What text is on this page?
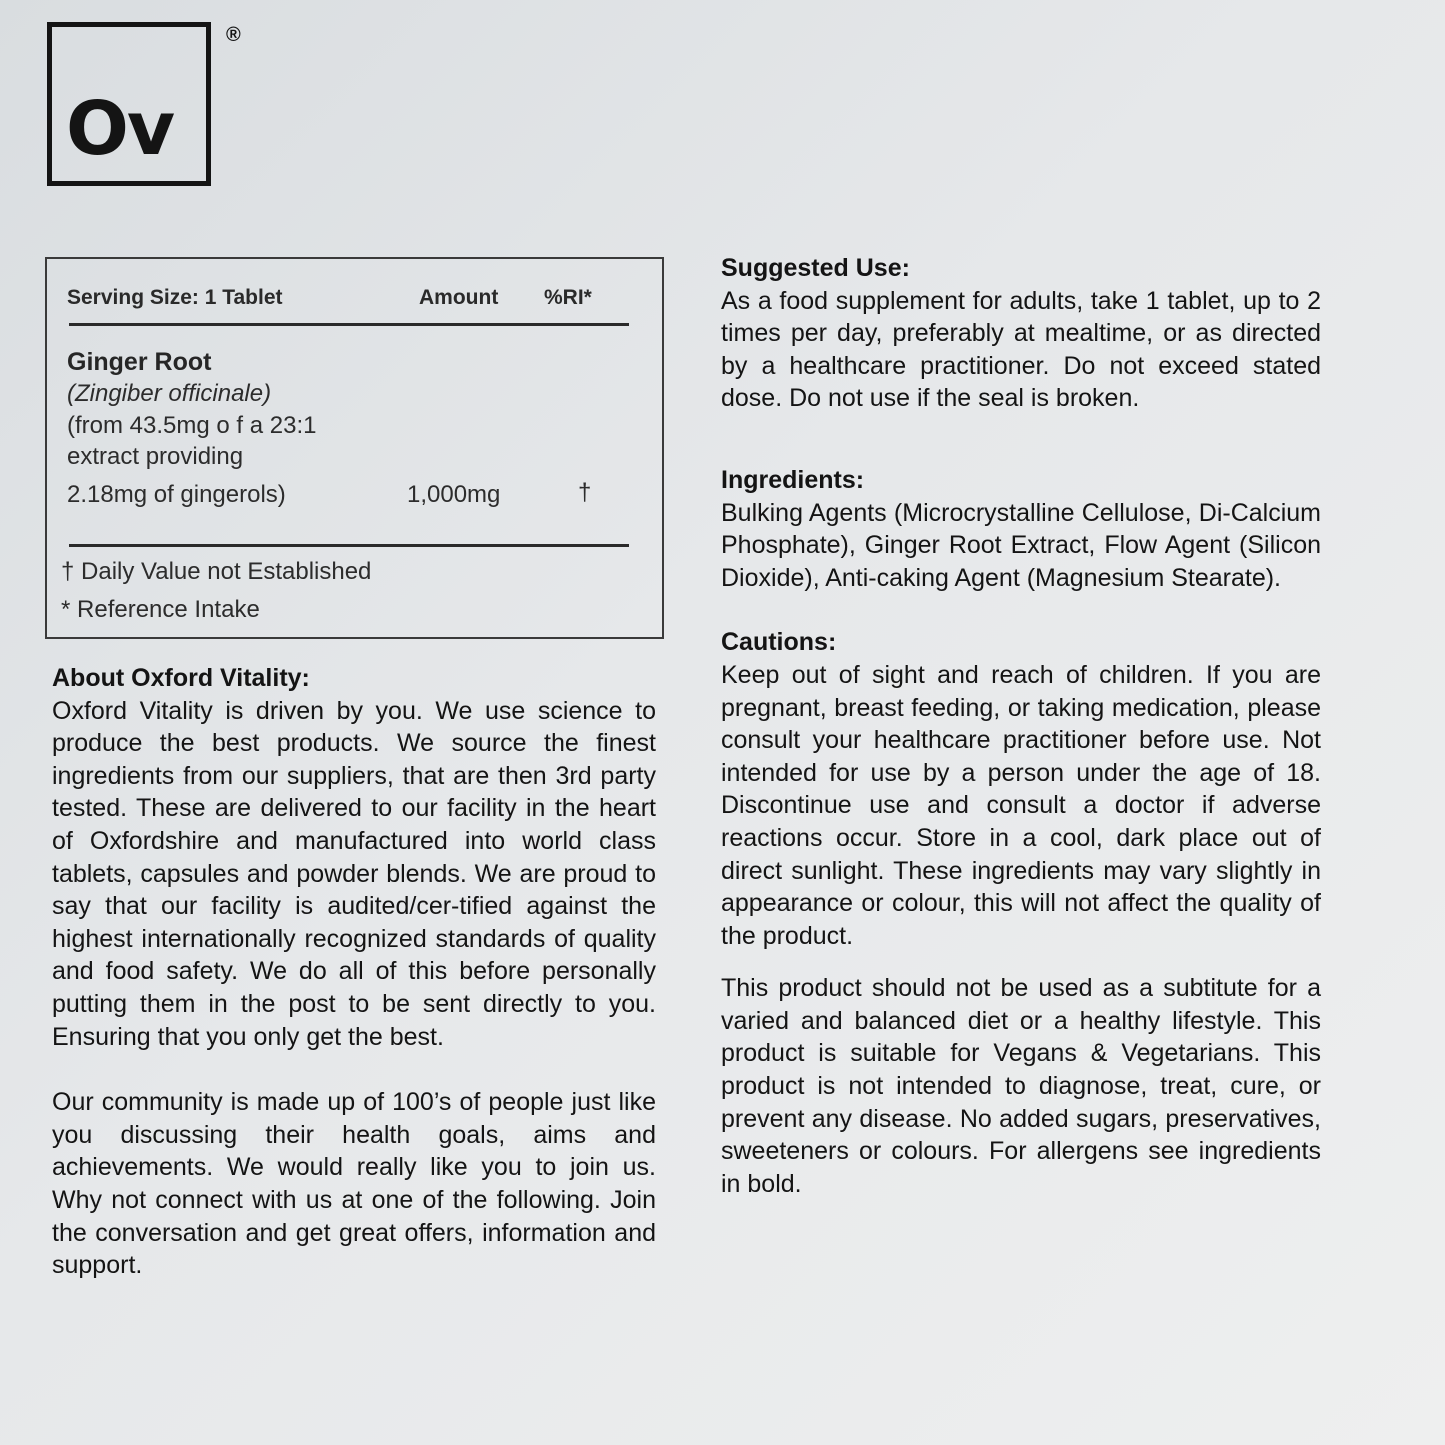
Ov
®
Serving Size: 1 Tablet	Amount %RI*
Ginger Root
(Zingiber officinale)
(from 43.5mg o f a 23:1
extract providing
2.18mg of gingerols)	1,000mg	†
† Daily Value not Established
* Reference Intake
About Oxford Vitality:

Oxford Vitality is driven by you. We use science to produce the best products. We source the finest ingredients from our suppliers, that are then 3rd party tested. These are delivered to our facility in the heart of Oxfordshire and manufactured into world class tablets, capsules and powder blends. We are proud to say that our facility is audited/cer-tified against the highest internationally recognized standards of quality and food safety. We do all of this before personally putting them in the post to be sent directly to you. Ensuring that you only get the best.

Our community is made up of 100’s of people just like you discussing their health goals, aims and achievements. We would really like you to join us. Why not connect with us at one of the following. Join the conversation and get great offers, information and support.

Suggested Use:

As a food supplement for adults, take 1 tablet, up to 2 times per day, preferably at mealtime, or as directed by a healthcare practitioner. Do not exceed stated dose. Do not use if the seal is broken.

Ingredients:

Bulking Agents (Microcrystalline Cellulose, Di-Calcium Phosphate), Ginger Root Extract, Flow Agent (Silicon Dioxide), Anti-caking Agent (Magnesium Stearate).

Cautions:

Keep out of sight and reach of children. If you are pregnant, breast feeding, or taking medication, please consult your healthcare practitioner before use. Not intended for use by a person under the age of 18. Discontinue use and consult a doctor if adverse reactions occur. Store in a cool, dark place out of direct sunlight. These ingredients may vary slightly in appearance or colour, this will not affect the quality of the product.

This product should not be used as a subtitute for a varied and balanced diet or a healthy lifestyle. This product is suitable for Vegans & Vegetarians. This product is not intended to diagnose, treat, cure, or prevent any disease. No added sugars, preservatives, sweeteners or colours. For allergens see ingredients in bold.
